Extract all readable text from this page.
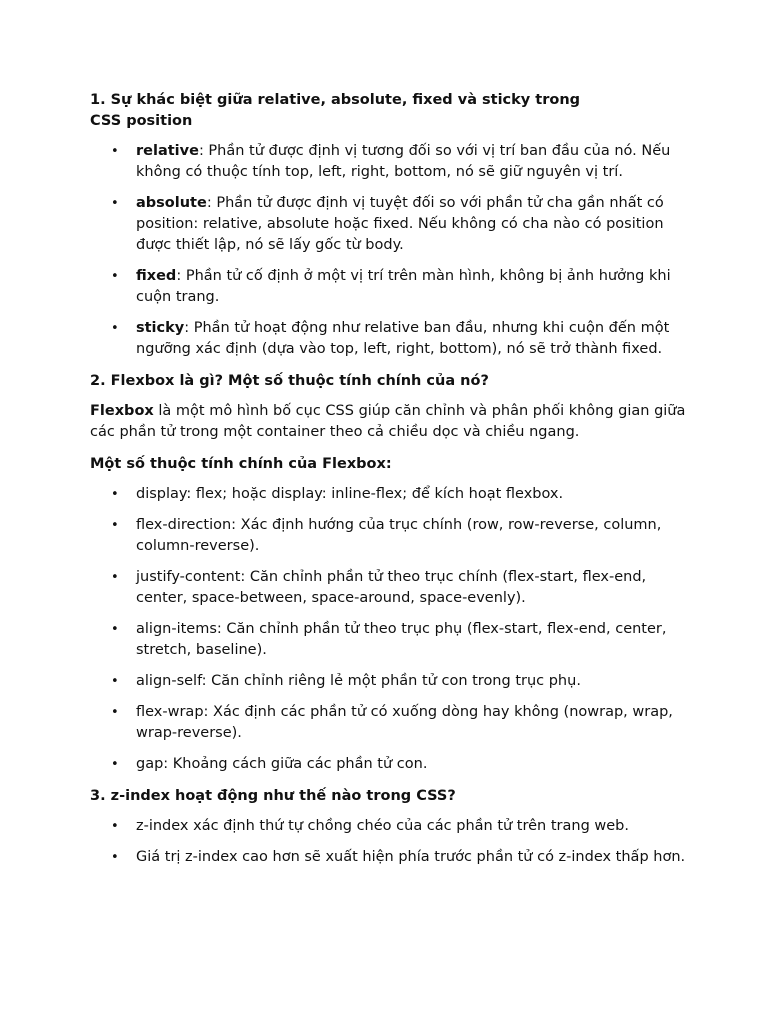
1. Sự khác biệt giữa relative, absolute, fixed và sticky trong CSS position
• relative: Phần tử được định vị tương đối so với vị trí ban đầu của nó. Nếu không có thuộc tính top, left, right, bottom, nó sẽ giữ nguyên vị trí.
• absolute: Phần tử được định vị tuyệt đối so với phần tử cha gần nhất có position: relative, absolute hoặc fixed. Nếu không có cha nào có position được thiết lập, nó sẽ lấy gốc từ body.
• fixed: Phần tử cố định ở một vị trí trên màn hình, không bị ảnh hưởng khi cuộn trang.
• sticky: Phần tử hoạt động như relative ban đầu, nhưng khi cuộn đến một ngưỡng xác định (dựa vào top, left, right, bottom), nó sẽ trở thành fixed.
2. Flexbox là gì? Một số thuộc tính chính của nó?

Flexbox là một mô hình bố cục CSS giúp căn chỉnh và phân phối không gian giữa các phần tử trong một container theo cả chiều dọc và chiều ngang.

Một số thuộc tính chính của Flexbox:
• display: flex; hoặc display: inline-flex; để kích hoạt flexbox.
• flex-direction: Xác định hướng của trục chính (row, row-reverse, column, column-reverse).
• justify-content: Căn chỉnh phần tử theo trục chính (flex-start, flex-end, center, space-between, space-around, space-evenly).
• align-items: Căn chỉnh phần tử theo trục phụ (flex-start, flex-end, center, stretch, baseline).
• align-self: Căn chỉnh riêng lẻ một phần tử con trong trục phụ.
• flex-wrap: Xác định các phần tử có xuống dòng hay không (nowrap, wrap, wrap-reverse).
• gap: Khoảng cách giữa các phần tử con.
3. z-index hoạt động như thế nào trong CSS?
• z-index xác định thứ tự chồng chéo của các phần tử trên trang web.
• Giá trị z-index cao hơn sẽ xuất hiện phía trước phần tử có z-index thấp hơn.
